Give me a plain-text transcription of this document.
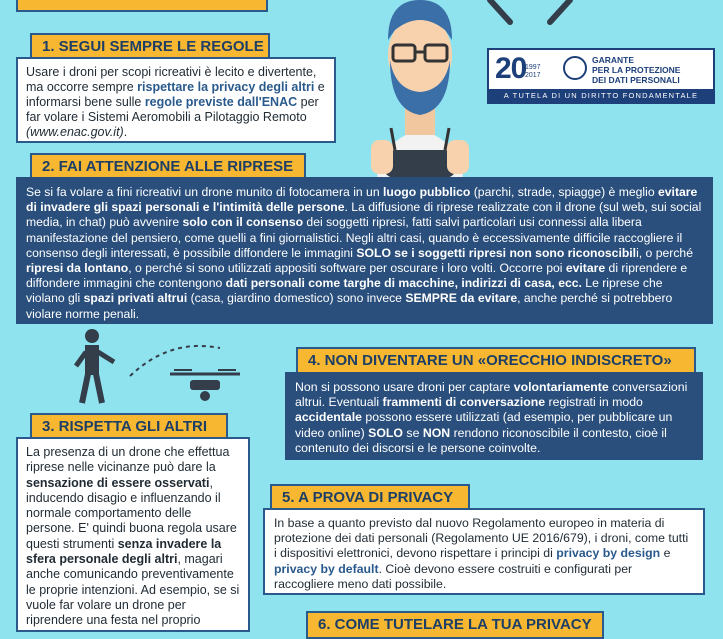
20
1997
2017
GARANTE
PER LA PROTEZIONE
DEI DATI PERSONALI
A TUTELA DI UN DIRITTO FONDAMENTALE
1. SEGUI SEMPRE LE REGOLE
Usare i droni per scopi ricreativi è lecito e divertente, ma occorre sempre rispettare la privacy degli altri e informarsi bene sulle regole previste dall'ENAC per far volare i Sistemi Aeromobili a Pilotaggio Remoto (www.enac.gov.it).
2. FAI ATTENZIONE ALLE RIPRESE
Se si fa volare a fini ricreativi un drone munito di fotocamera in un luogo pubblico (parchi, strade, spiagge) è meglio evitare di invadere gli spazi personali e l'intimità delle persone. La diffusione di riprese realizzate con il drone (sul web, sui social media, in chat) può avvenire solo con il consenso dei soggetti ripresi, fatti salvi particolari usi connessi alla libera manifestazione del pensiero, come quelli a fini giornalistici. Negli altri casi, quando è eccessivamente difficile raccogliere il consenso degli interessati, è possibile diffondere le immagini SOLO se i soggetti ripresi non sono riconoscibili, o perché ripresi da lontano, o perché si sono utilizzati appositi software per oscurare i loro volti. Occorre poi evitare di riprendere e diffondere immagini che contengono dati personali come targhe di macchine, indirizzi di casa, ecc. Le riprese che violano gli spazi privati altrui (casa, giardino domestico) sono invece SEMPRE da evitare, anche perché si potrebbero violare norme penali.
3. RISPETTA GLI ALTRI
La presenza di un drone che effettua riprese nelle vicinanze può dare la sensazione di essere osservati, inducendo disagio e influenzando il normale comportamento delle persone. E' quindi buona regola usare questi strumenti senza invadere la sfera personale degli altri, magari anche comunicando preventivamente le proprie intenzioni. Ad esempio, se si vuole far volare un drone per riprendere una festa nel proprio
4. NON DIVENTARE UN «ORECCHIO INDISCRETO»
Non si possono usare droni per captare volontariamente conversazioni altrui. Eventuali frammenti di conversazione registrati in modo accidentale possono essere utilizzati (ad esempio, per pubblicare un video online) SOLO se NON rendono riconoscibile il contesto, cioè il contenuto dei discorsi e le persone coinvolte.
5. A PROVA DI PRIVACY
In base a quanto previsto dal nuovo Regolamento europeo in materia di protezione dei dati personali (Regolamento UE 2016/679), i droni, come tutti i dispositivi elettronici, devono rispettare i principi di privacy by design e privacy by default. Cioè devono essere costruiti e configurati per raccogliere meno dati possibile.
6. COME TUTELARE LA TUA PRIVACY
